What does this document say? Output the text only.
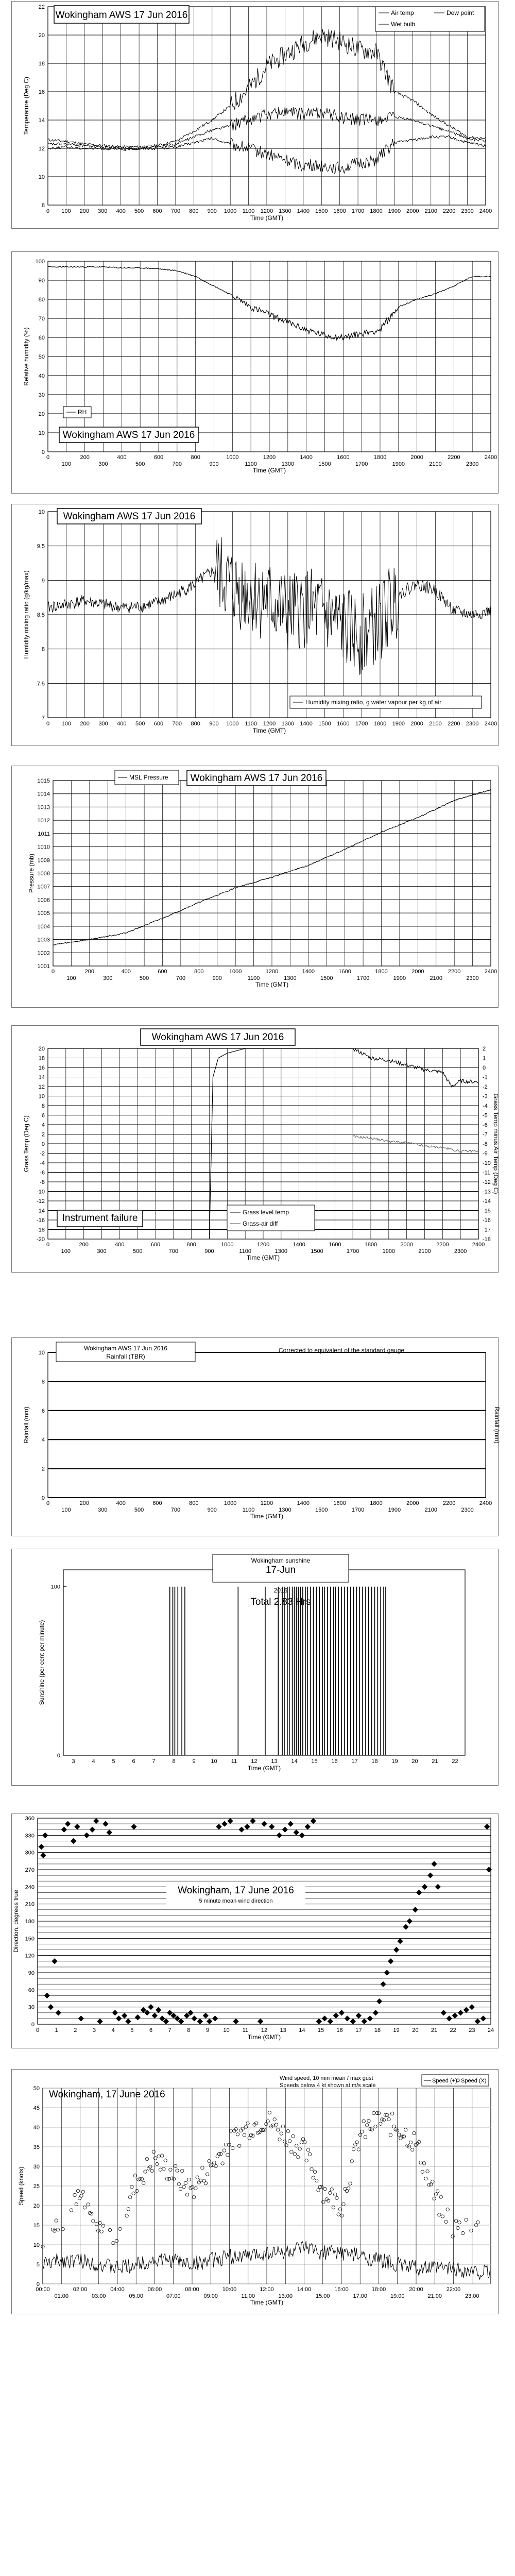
8
10
12
14
16
18
20
22
0 100 200 300 400 500 600 700 800 900 1000 1100 1200 1300 1400 1500 1600 1700 1800 1900 2000 2100 2200 2300 2400
Time (GMT)
Temperature (Deg C)
Wokingham AWS 17 Jun 2016	Air temp	Dew point
Wet bulb
0
10
20
30
40
50
60
70
80
90
100
0	200	400	600	800	1000	1200	1400	1600	1800	2000	2200	2400
100	300	500	700	900	1100	1300	1500	1700	1900	2100	2300
Time (GMT)
Relative humidity (%)
RH
Wokingham AWS 17 Jun 2016
7
7.5
8
8.5
9
9.5
10
0 100 200 300 400 500 600 700 800 900 1000 1100 1200 1300 1400 1500 1600 1700 1800 1900 2000 2100 2200 2300 2400
Time (GMT)
Humidity mixing ratio (g/kg/max)
Wokingham AWS 17 Jun 2016
Humidity mixing ratio, g water vapour per kg of air
1001
1002
1003
1004
1005
1006
1007
1008
1009
1010
1011
1012
1013
1014
1015
0	200	400	600	800	1000	1200	1400	1600	1800	2000	2200	2400
100	300	500	700	900	1100	1300	1500	1700	1900	2100	2300
Time (GMT)
Pressure (mb)
Wokingham AWS 17 Jun 2016
MSL Pressure
-20
-18
-16
-14
-12
-10
-8
-6
-4
-2
0
2
4
6
8
10
12
14
16
18
20
0	200	400	600	800	1000	1200	1400	1600	1800	2000	2200	2400
100	300	500	700	900	1100	1300	1500	1700	1900	2100	2300
Time (GMT)
Grass Temp (Deg C)
-18
-17
-16
-15
-14
-13
-12
-11
-10
-9
-8
-7
-6
-5
-4
-3
-2
-1
0
1
2
Grass Temp minus Air Temp (Deg C)
Wokingham AWS 17 Jun 2016
Instrument failure
Grass level temp
Grass-air diff
0
2
4
6
8
10
0	200	400	600	800	1000	1200	1400	1600	1800	2000	2200	2400
100	300	500	700	900	1100	1300	1500	1700	1900	2100	2300
Time (GMT)
Rainfall (mm)	Rainfall (mm)
Wokingham AWS 17 Jun 2016
Rainfall (TBR)
Corrected to equivalent of the standard gauge
0
100
3	4	5	6	7	8	9	10 11 12 13 14 15 16 17 18 19 20 21 22
Time (GMT)
Sunshine (per cent per minute)
Wokingham sunshine
17-Jun
2016
Total 2.83 Hrs
0
30
60
90
120
150
180
210
240
270
300
330
360
0	1	2	3	4	5	6	7	8	9 10 11 12 13 14 15 16 17 18 19 20 21 22 23 24
Time (GMT)
Direction, degrees true	Wokingham, 17 June 2016
5 minute mean wind direction
0
5
10
15
20
25
30
35
40
45
50
00:00	02:00	04:00	06:00	08:00	10:00	12:00	14:00	16:00	18:00	20:00	22:00
01:00	03:00	05:00	07:00	09:00	11:00	13:00	15:00	17:00	19:00	21:00	23:00
Time (GMT)
Speed (knots)
Wokingham, 17 June 2016
Wind speed, 10 min mean / max gust
Speeds below 4 kt shown at m/s scale
Speed (+) Speed (X)
